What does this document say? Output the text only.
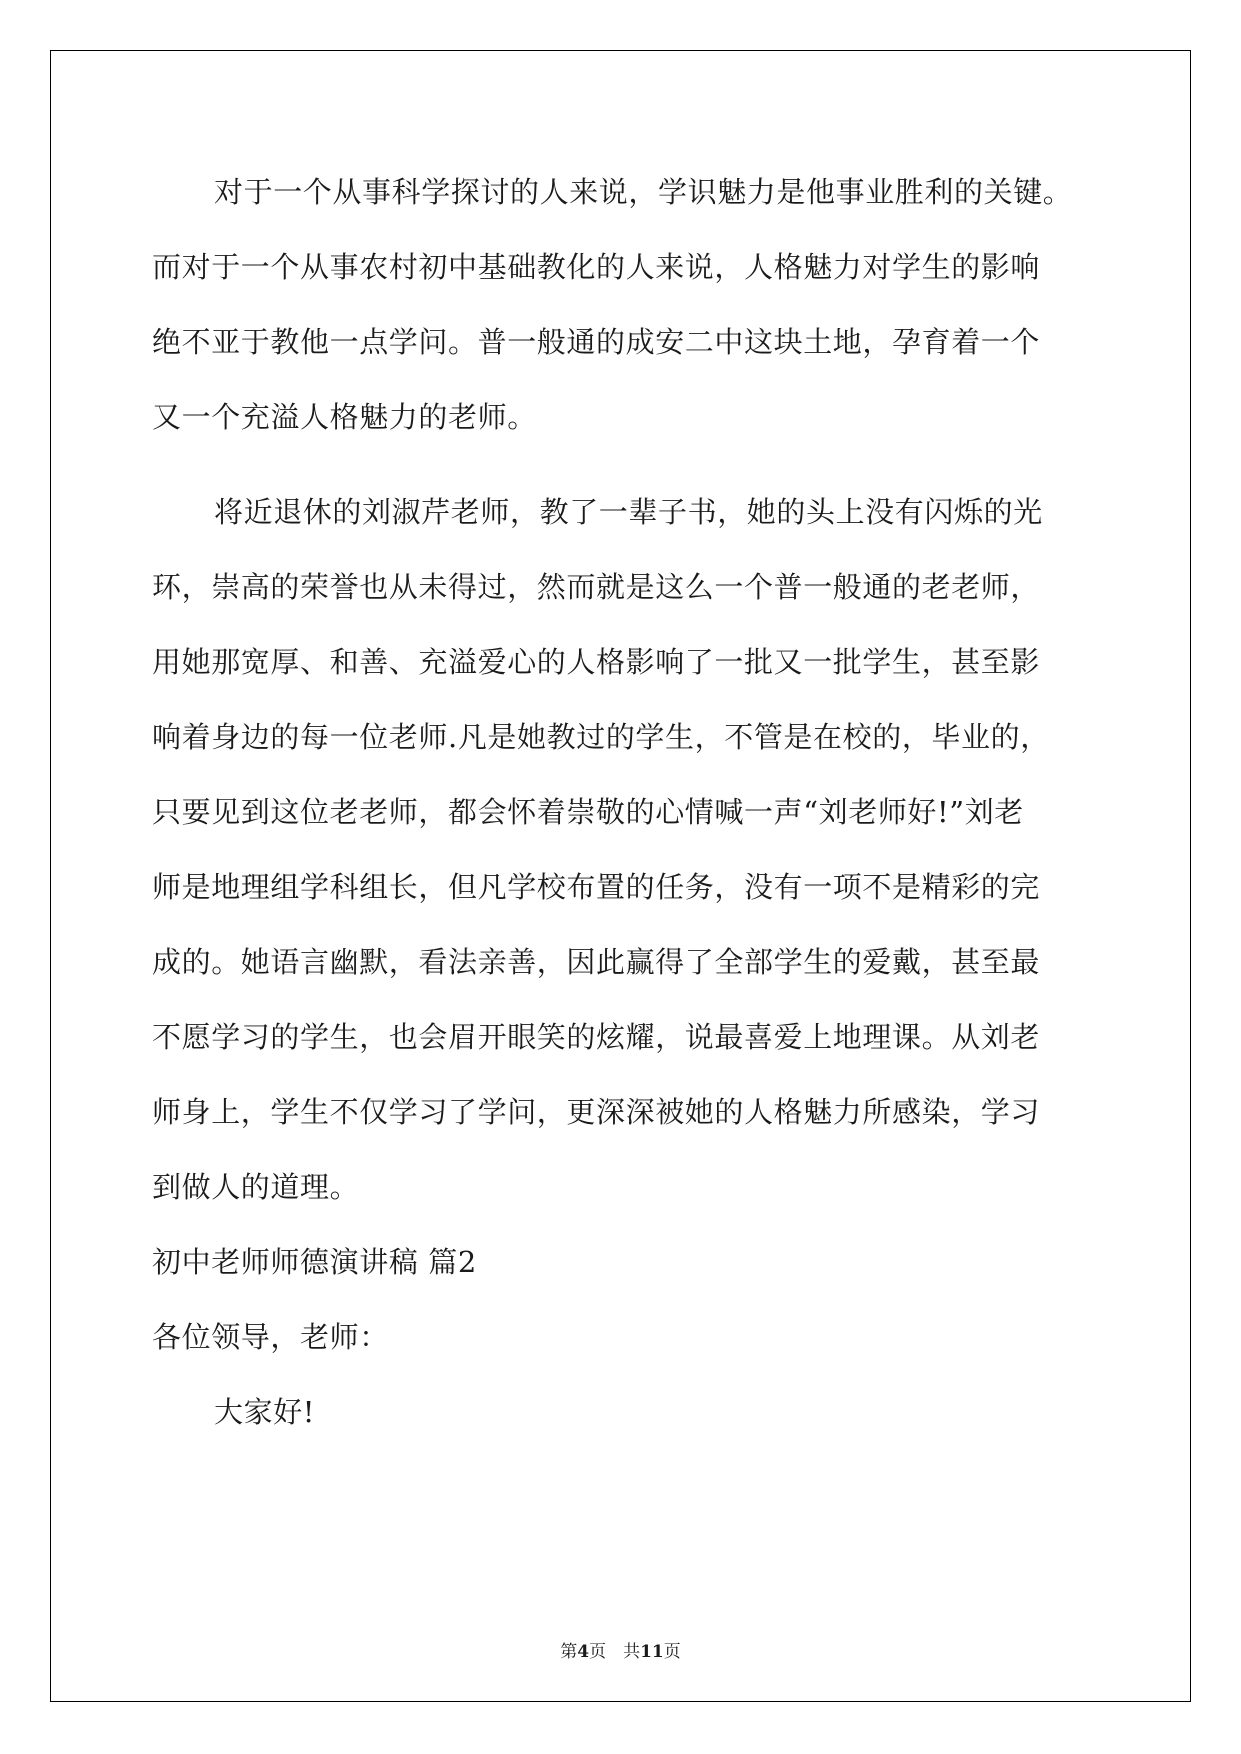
对于一个从事科学探讨的人来说，学识魅力是他事业胜利的关键。
而对于一个从事农村初中基础教化的人来说，人格魅力对学生的影响
绝不亚于教他一点学问。普一般通的成安二中这块土地，孕育着一个
又一个充溢人格魅力的老师。
将近退休的刘淑芹老师，教了一辈子书，她的头上没有闪烁的光
环，崇高的荣誉也从未得过，然而就是这么一个普一般通的老老师，
用她那宽厚、和善、充溢爱心的人格影响了一批又一批学生，甚至影
响着身边的每一位老师.凡是她教过的学生，不管是在校的，毕业的，
只要见到这位老老师，都会怀着崇敬的心情喊一声“刘老师好!”刘老
师是地理组学科组长，但凡学校布置的任务，没有一项不是精彩的完
成的。她语言幽默，看法亲善，因此赢得了全部学生的爱戴，甚至最
不愿学习的学生，也会眉开眼笑的炫耀，说最喜爱上地理课。从刘老
师身上，学生不仅学习了学问，更深深被她的人格魅力所感染，学习
到做人的道理。
初中老师师德演讲稿 篇2
各位领导，老师：
大家好!
第4页　共11页
